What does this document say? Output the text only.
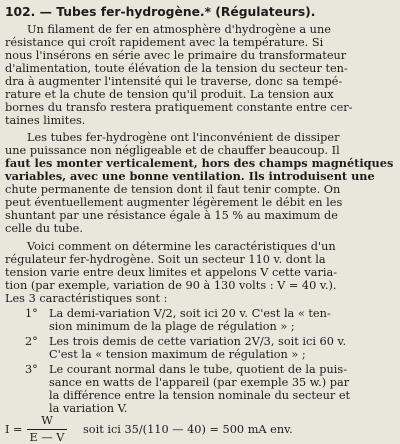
102. — Tubes fer-hydrogène.* (Régulateurs).
Un filament de fer en atmosphère d'hydrogène a une
résistance qui croît rapidement avec la température. Si
nous l'insérons en série avec le primaire du transformateur
d'alimentation, toute élévation de la tension du secteur ten-
dra à augmenter l'intensité qui le traverse, donc sa tempé-
rature et la chute de tension qu'il produit. La tension aux
bornes du transfo restera pratiquement constante entre cer-
taines limites.
Les tubes fer-hydrogène ont l'inconvénient de dissiper
une puissance non négligeable et de chauffer beaucoup. Il
faut les monter verticalement, hors des champs magnétiques
variables, avec une bonne ventilation. Ils introduisent une
chute permanente de tension dont il faut tenir compte. On
peut éventuellement augmenter légèrement le débit en les
shuntant par une résistance égale à 15 % au maximum de
celle du tube.
Voici comment on détermine les caractéristiques d'un
régulateur fer-hydrogène. Soit un secteur 110 v. dont la
tension varie entre deux limites et appelons V cette varia-
tion (par exemple, variation de 90 à 130 volts : V = 40 v.).
Les 3 caractéristiques sont :
1° La demi-variation V/2, soit ici 20 v. C'est la « ten-
sion minimum de la plage de régulation » ;
2° Les trois demis de cette variation 2V/3, soit ici 60 v.
C'est la « tension maximum de régulation » ;
3° Le courant normal dans le tube, quotient de la puis-
sance en watts de l'appareil (par exemple 35 w.) par
la différence entre la tension nominale du secteur et
la variation V.
I =
W
E — V
soit ici 35/(110 — 40) = 500 mA env.
